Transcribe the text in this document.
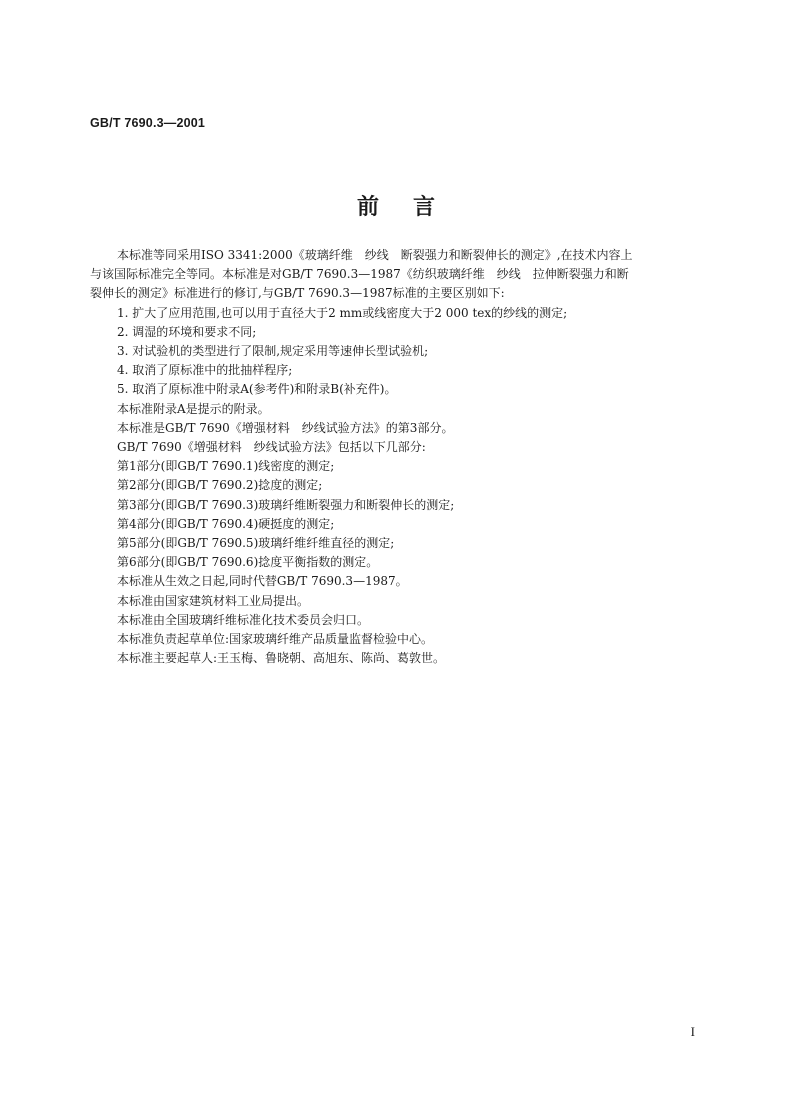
GB/T 7690.3—2001
前言

本标准等同采用ISO 3341:2000《玻璃纤维　纱线　断裂强力和断裂伸长的测定》,在技术内容上

与该国际标准完全等同。本标准是对GB/T 7690.3—1987《纺织玻璃纤维　纱线　拉伸断裂强力和断

裂伸长的测定》标准进行的修订,与GB/T 7690.3—1987标准的主要区别如下:

1. 扩大了应用范围,也可以用于直径大于2 mm或线密度大于2 000 tex的纱线的测定;

2. 调湿的环境和要求不同;

3. 对试验机的类型进行了限制,规定采用等速伸长型试验机;

4. 取消了原标准中的批抽样程序;

5. 取消了原标准中附录A(参考件)和附录B(补充件)。

本标准附录A是提示的附录。

本标准是GB/T 7690《增强材料　纱线试验方法》的第3部分。

GB/T 7690《增强材料　纱线试验方法》包括以下几部分:

第1部分(即GB/T 7690.1)线密度的测定;

第2部分(即GB/T 7690.2)捻度的测定;

第3部分(即GB/T 7690.3)玻璃纤维断裂强力和断裂伸长的测定;

第4部分(即GB/T 7690.4)硬挺度的测定;

第5部分(即GB/T 7690.5)玻璃纤维纤维直径的测定;

第6部分(即GB/T 7690.6)捻度平衡指数的测定。

本标准从生效之日起,同时代替GB/T 7690.3—1987。

本标准由国家建筑材料工业局提出。

本标准由全国玻璃纤维标准化技术委员会归口。

本标准负责起草单位:国家玻璃纤维产品质量监督检验中心。

本标准主要起草人:王玉梅、鲁晓朝、高旭东、陈尚、葛敦世。

I
